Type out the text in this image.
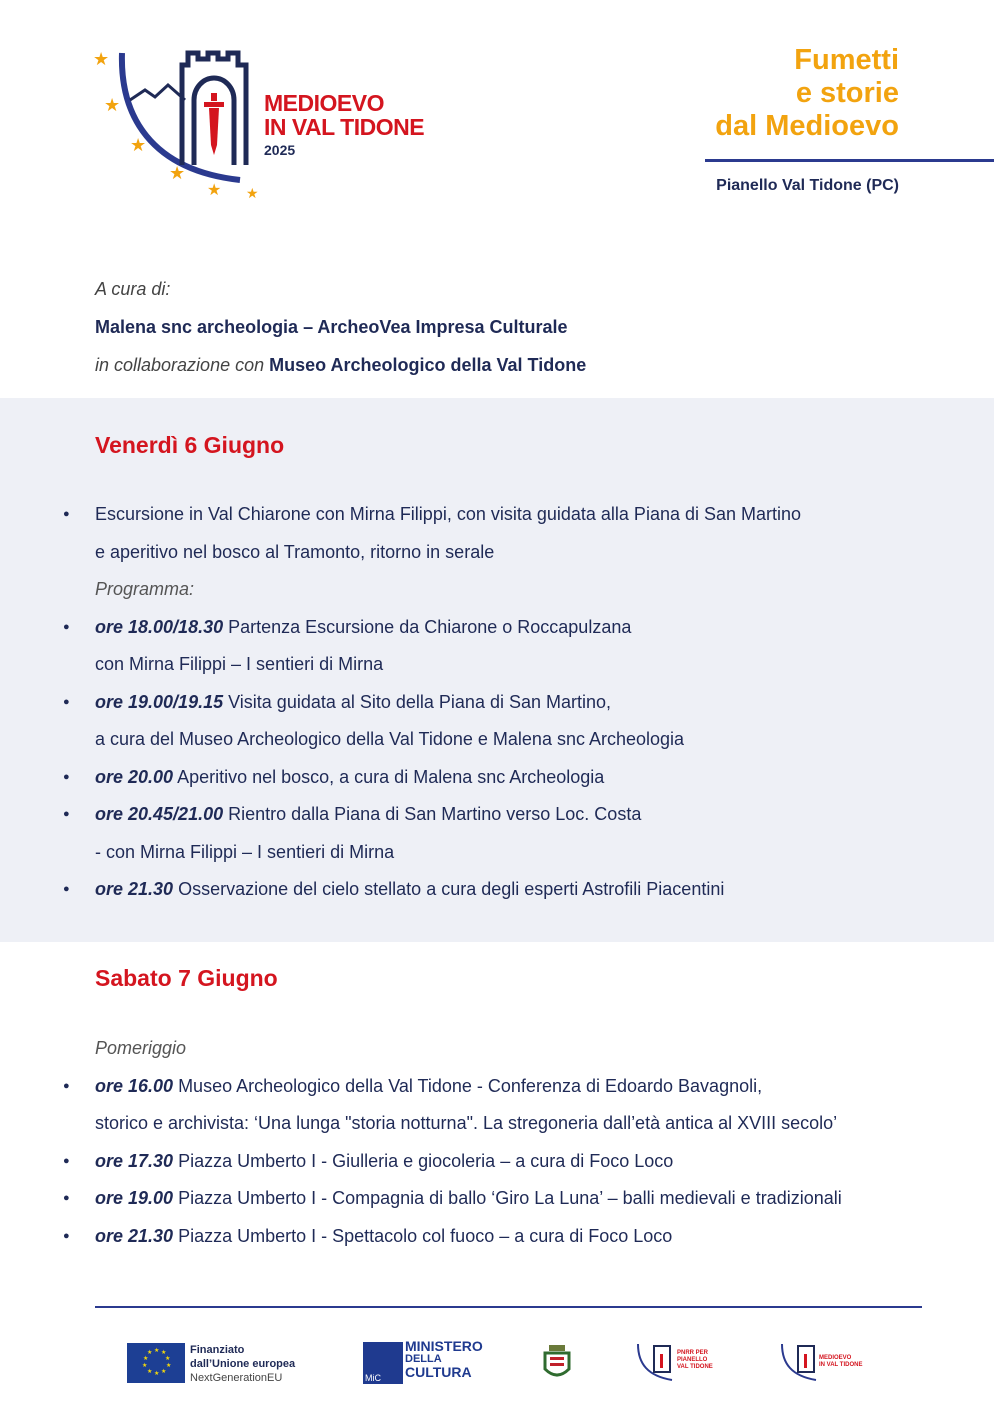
★
★
★
★
★ ★
MEDIOEVO
IN VAL TIDONE
2025
Fumetti
e storie
dal Medioevo
Pianello Val Tidone (PC)
A cura di:
Malena snc archeologia – ArcheoVea Impresa Culturale
in collaborazione con Museo Archeologico della Val Tidone
Venerdì 6 Giugno
● Escursione in Val Chiarone con Mirna Filippi, con visita guidata alla Piana di San Martino
e aperitivo nel bosco al Tramonto, ritorno in serale
Programma:
● ore 18.00/18.30 Partenza Escursione da Chiarone o Roccapulzana
con Mirna Filippi – I sentieri di Mirna
● ore 19.00/19.15 Visita guidata al Sito della Piana di San Martino,
a cura del Museo Archeologico della Val Tidone e Malena snc Archeologia
● ore 20.00 Aperitivo nel bosco, a cura di Malena snc Archeologia
● ore 20.45/21.00 Rientro dalla Piana di San Martino verso Loc. Costa
- con Mirna Filippi – I sentieri di Mirna
● ore 21.30 Osservazione del cielo stellato a cura degli esperti Astrofili Piacentini
Sabato 7 Giugno
Pomeriggio
● ore 16.00 Museo Archeologico della Val Tidone - Conferenza di Edoardo Bavagnoli,
storico e archivista: ‘Una lunga "storia notturna". La stregoneria dall’età antica al XVIII secolo’
● ore 17.30 Piazza Umberto I - Giulleria e giocoleria – a cura di Foco Loco
● ore 19.00 Piazza Umberto I - Compagnia di ballo ‘Giro La Luna’ – balli medievali e tradizionali
● ore 21.30 Piazza Umberto I - Spettacolo col fuoco – a cura di Foco Loco
★ ★
★
★
★
★
★
★
★
★	Finanziato
dall’Unione europea
NextGenerationEU	MiC
MINISTERO
DELLA
CULTURA
PNRR PER
PIANELLO
VAL TIDONE
MEDIOEVO
IN VAL TIDONE
